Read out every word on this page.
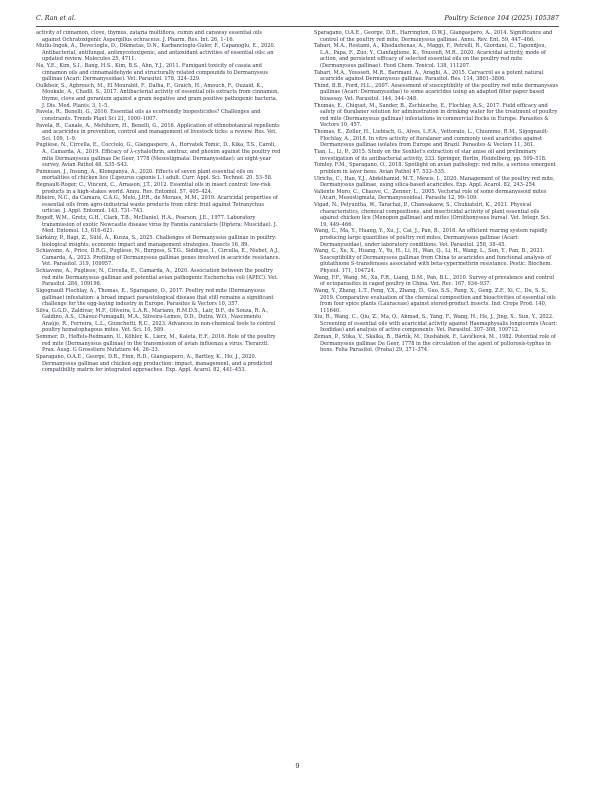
C. Ran et al.	Poultry Science 104 (2025) 105387

activity of cinnamon, clove, thymus, zataria multiflora, cumin and caraway essential oils against Ochratoxigenic Aspergillus ochraceus. J. Pharm. Res. Int. 26, 1–16.

Mutlu-Ingok, A., Devecioglu, D., Dikmetas, D.N., Karbancioglu-Guler, F., Capanoglu, E., 2020. Antibacterial, antifungal, antimycotoxigenic, and antioxidant activities of essential oils: an updated review. Molecules 25, 4711.

Na, Y.E., Kim, S.I., Bang, H.S., Kim, B.S., Ahn, Y.J., 2011. Fumigant toxicity of cassia and cinnamon oils and cinnamaldehyde and structurally related compounds to Dermanyssus gallinae (Acari: Dermanyssidae). Vet. Parasitol. 178, 324–329.

Oulkheir, S., Aghrouch, M., El Mourabit, F., Dalha, F., Graich, H., Amouch, F., Ouzaid, K., Moukale, A., Chadli, S., 2017. Antibacterial activity of essential oils extracts from cinnamon, thyme, clove and geranium against a gram negative and gram positive pathogenic bacteria. J. Dis. Med. Plants. 3, 1–5.

Pavela, R., Benelli, G., 2016. Essential oils as ecofriendly biopesticides? Challenges and constraints. Trends Plant Sci 21, 1000–1007.

Pavela, R., Canale, A., Mehlhorn, H., Benelli, G., 2016. Application of ethnobotanical repellents and acaricides in prevention, control and management of livestock ticks: a review. Res. Vet. Sci. 109, 1–9.

Pugliese, N., Circella, E., Cocciolo, G., Giangaspero, A., Horvatek Tomic, D., Kika, T.S., Caroli, A., Camarda, A., 2019. Efficacy of λ-cyhalothrin, amitraz, and phoxim against the poultry red mite Dermanyssus gallinae De Geer, 1778 (Mesostigmata: Dermanyssidae): an eight-year survey. Avian Pathol 48, S35–S43.

Pumnuan, J., Insung, A., Klompanya, A., 2020. Effects of seven plant essential oils on mortalities of chicken lice (Lipeurus caponis L.) adult. Curr. Appl. Sci. Technol. 20, 53–58.

Regnault-Roger, C., Vincent, C., Arnason, J.T., 2012. Essential oils in insect control: low-risk products in a high-stakes world. Annu. Rev. Entomol. 57, 405–424.

Ribeiro, N.C., da Camara, C.A.G., Melo, J.P.R., de Moraes, M.M., 2019. Acaricidal properties of essential oils from agro-industrial waste products from citric fruit against Tetranychus urticae. J. Appl. Entomol. 143, 731–743.

Rogoff, W.M., Gretz, G.H., Clark, T.B., McDaniel, H.A., Pearson, J.E., 1977. Laboratory transmission of exotic Newcastle disease virus by Fannia canicularis (Diptera: Muscidae). J. Med. Entomol. 13, 616–621.

Sárkány, P., Bagi, Z., Sütő, Á., Kusza, S., 2025. Challenges of Dermanyssus gallinae in poultry: biological insights, economic impact and management strategies. Insects 16, 89.

Schiavone, A., Price, D.R.G., Pugliese, N., Burgess, S.T.G., Siddique, I., Circella, E., Nisbet, A.J., Camarda, A., 2023. Profiling of Dermanyssus gallinae genes involved in acaricide resistance. Vet. Parasitol. 319, 109957.

Schiavone, A., Pugliese, N., Circella, E., Camarda, A., 2020. Association between the poultry red mite Dermanyssus gallinae and potential avian pathogenic Escherichia coli (APEC). Vet. Parasitol. 284, 109198.

Sigognault Flochlay, A., Thomas, E., Sparagano, O., 2017. Poultry red mite (Dermanyssus gallinae) infestation: a broad impact parasitological disease that still remains a significant challenge for the egg-laying industry in Europe. Parasites & Vectors 10, 357.

Silva, G.G.D., Zaldívar, M.F., Oliveira, L.A.R., Mariano, R.M.D.S., Lair, D.F., de Souza, R. A., Galdino, A.S., Chávez-Fumagalli, M.A., Silveira-Lemos, D.D., Dutra, W.O., Nascimento Araújo, R., Ferreira, L.L., Giunchetti, R.C., 2023. Advances in non-chemical tools to control poultry hematophagous mites. Vet. Sci. 10, 589.

Sommer, D., Heffels-Redmann, U., Köhler, K., Lierz, M., Kaleta, E.F., 2016. Role of the poultry red mite (Dermanyssus gallinae) in the transmission of avian influenza a virus. Tierarztl. Prax. Ausg. G Grosstiere Nutztiere 44, 26–33.

Sparagano, O.A.E., George, D.R., Finn, R.D., Giangaspero, A., Bartley, K., Ho, J., 2020. Dermanyssus gallinae and chicken egg production: impact, management, and a predicted compatibility matrix for integrated approaches. Exp. Appl. Acarol. 82, 441–453.

Sparagano, O.A.E., George, D.R., Harrington, D.W.J., Giangaspero, A., 2014. Significance and control of the poultry red mite, Dermanyssus gallinae. Annu. Rev. Ent. 59, 447–466.

Tabari, M.A., Rostami, A., Khodashenas, A., Maggi, F., Petrelli, R., Giordani, C., Tapondjou, L.A., Papa, F., Zuo, Y., Cianfaglione, K., Youssefi, M.R., 2020. Acaricidal activity, mode of action, and persistent efficacy of selected essential oils on the poultry red mite (Dermanyssus gallinae). Food Chem. Toxicol. 138, 111207.

Tabari, M.A., Youssefi, M.R., Barimani, A., Araghi, A., 2015. Carvacrol as a potent natural acaricide against Dermanyssus gallinae. Parasitol. Res. 114, 3801–3806.

Thind, B.B., Ford, H.L., 2007. Assessment of susceptibility of the poultry red mite dermanyssus gallinae (Acari: Dermanyssidae) to some acaricides using an adapted filter paper based bioassay. Vet. Parasitol. 144, 344–348.

Thomas, E., Chiquet, M., Sander, B., Zschiesche, E., Flochlay, A.S., 2017. Field efficacy and safety of fluralaner solution for administration in drinking water for the treatment of poultry red mite (Dermanyssus gallinae) infestations in commercial flocks in Europe. Parasites & Vectors 10, 457.

Thomas, E., Zoller, H., Liebisch, G., Alves, L.F.A., Vettorato, L., Chiummo, R.M., Sigognault-Flochlay, A., 2018. In vitro activity of fluralaner and commonly used acaricides against Dermanyssus gallinae isolates from Europe and Brazil. Parasites & Vectors 11, 361.

Tian, L., Li, P., 2015. Study on the Soxhlet's extraction of star anise oil and preliminary investigation of its antibacterial activity, 333. Springer, Berlin, Heidelberg, pp. 509–518.

Tomley, F.M., Sparagano, O., 2018. Spotlight on avian pathology: red mite, a serious emergent problem in layer hens. Avian Pathol 47, 533–535.

Ulrichs, C., Han, Y.J., Abdelhamid, M.T., Mewis, I., 2020. Management of the poultry red mite, Dermanyssus gallinae, using silica-based acaricides. Exp. Appl. Acarol. 82, 243–254.

Valiente Moro, C., Chauve, C., Zenner, L., 2005. Vectorial role of some dermanyssoid mites (Acari, Mesostigmata, Dermanyssoidea). Parasite 12, 99–109.

Vigad, N., Pelyuntha, W., Tarachai, P., Chansakaow, S., Chukiatsiri, K., 2021. Physical characteristics, chemical compositions, and insecticidal activity of plant essential oils against chicken lice (Menopon gallinae) and mites (Ornithonyssus bursa). Vet. Integr. Sci. 19, 449–466.

Wang, C., Ma, Y., Huang, Y., Xu, J., Cai, J., Pan, B., 2018. An efficient rearing system rapidly producing large quantities of poultry red mites, Dermanyssus gallinae (Acari: Dermanyssidae), under laboratory conditions. Vet. Parasitol. 258, 38–45.

Wang, C., Xu, X., Huang, Y., Yu, H., Li, H., Wan, Q., Li, H., Wang, L., Sun, Y., Pan, B., 2021. Susceptibility of Dermanyssus gallinae from China to acaricides and functional analysis of glutathione S-transferases associated with beta-cypermethrin resistance. Pestic. Biochem. Physiol. 171, 104724.

Wang, F.F., Wang, M., Xu, F.R., Liang, D.M., Pan, B.L., 2010. Survey of prevalence and control of ectoparasites in caged poultry in China. Vet. Rec. 167, 934–937.

Wang, Y., Zhang, L.T., Feng, Y.X., Zhang, D., Guo, S.S., Pang, X., Geng, Z.F., Xi, C., Du, S. S., 2019. Comparative evaluation of the chemical composition and bioactivities of essential oils from four spice plants (Lauraceae) against stored-product insects. Ind. Crops Prod. 140, 111640.

Xiu, R., Wang, C., Qiu, Z., Ma, Q., Ahmad, S., Yang, F., Wang, H., He, J., Jing, X., Sun, Y., 2022. Screening of essential oils with acaricidal activity against Haemaphysalis longicornis (Acari: Ixodidae) and analysis of active components. Vet. Parasitol. 307–308, 109712.

Zeman, P., Stika, V., Skalka, B., Bártík, M., Dusbábek, F., Lávičková, M., 1982. Potential role of Dermanyssus gallinae De Geer, 1778 in the circulation of the agent of pullorosis-typhus in hens. Folia Parasitol. (Praha) 29, 371–374.

9
